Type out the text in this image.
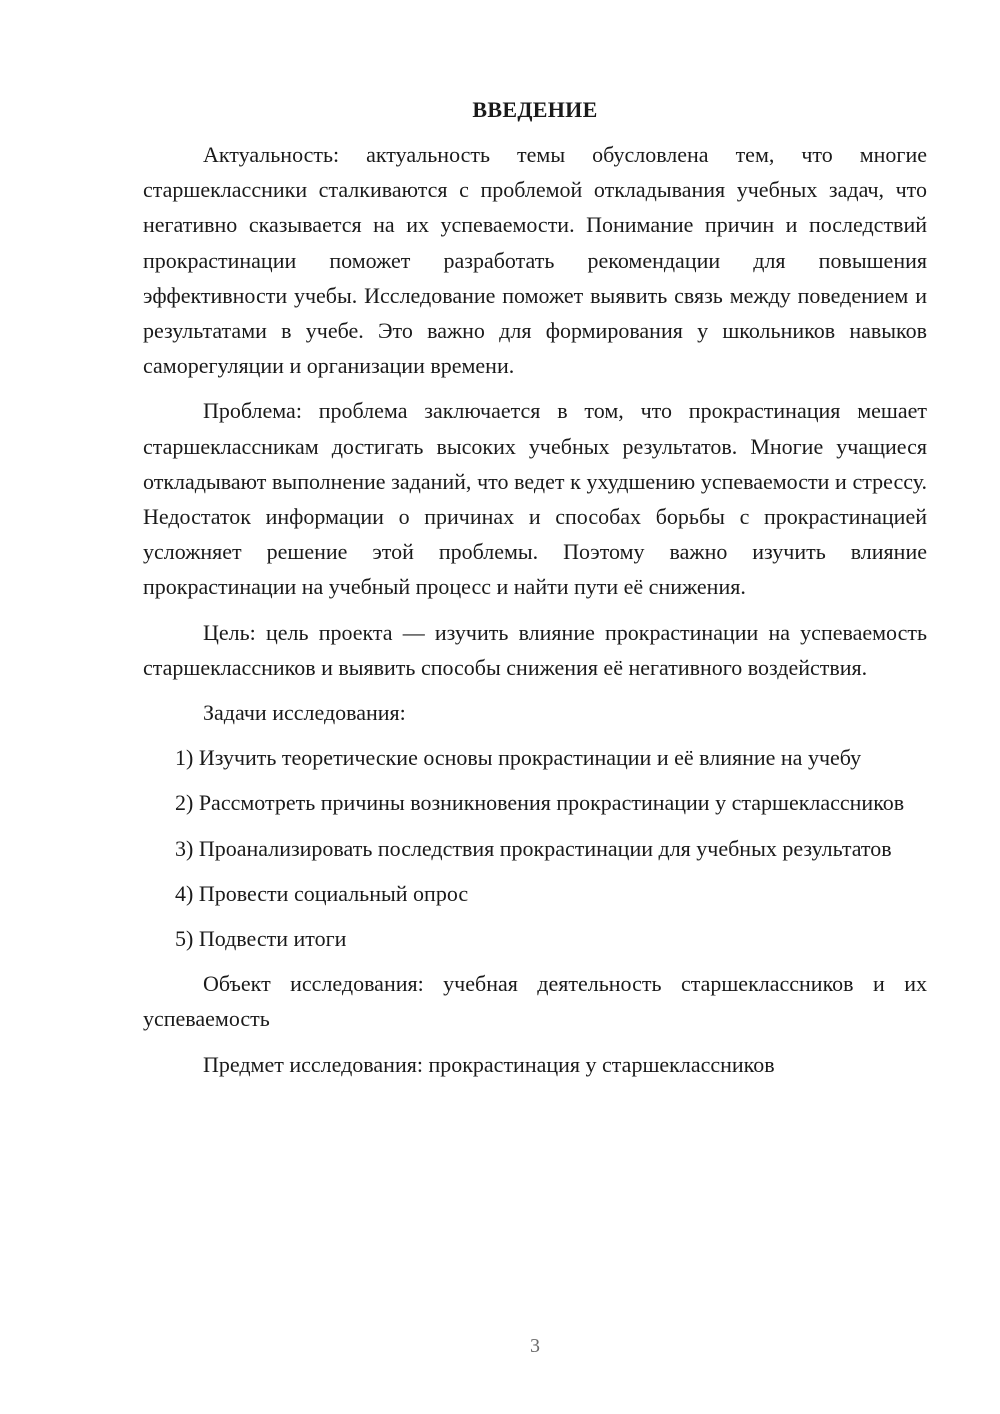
ВВЕДЕНИЕ

Актуальность: актуальность темы обусловлена тем, что многие старшеклассники сталкиваются с проблемой откладывания учебных задач, что негативно сказывается на их успеваемости. Понимание причин и последствий прокрастинации поможет разработать рекомендации для повышения эффективности учебы. Исследование поможет выявить связь между поведением и результатами в учебе. Это важно для формирования у школьников навыков саморегуляции и организации времени.

Проблема: проблема заключается в том, что прокрастинация мешает старшеклассникам достигать высоких учебных результатов. Многие учащиеся откладывают выполнение заданий, что ведет к ухудшению успеваемости и стрессу. Недостаток информации о причинах и способах борьбы с прокрастинацией усложняет решение этой проблемы. Поэтому важно изучить влияние прокрастинации на учебный процесс и найти пути её снижения.

Цель: цель проекта — изучить влияние прокрастинации на успеваемость старшеклассников и выявить способы снижения её негативного воздействия.

Задачи исследования:

1) Изучить теоретические основы прокрастинации и её влияние на учебу

2) Рассмотреть причины возникновения прокрастинации у старшеклассников

3) Проанализировать последствия прокрастинации для учебных результатов

4) Провести социальный опрос

5) Подвести итоги

Объект исследования: учебная деятельность старшеклассников и их успеваемость

Предмет исследования: прокрастинация у старшеклассников

3
